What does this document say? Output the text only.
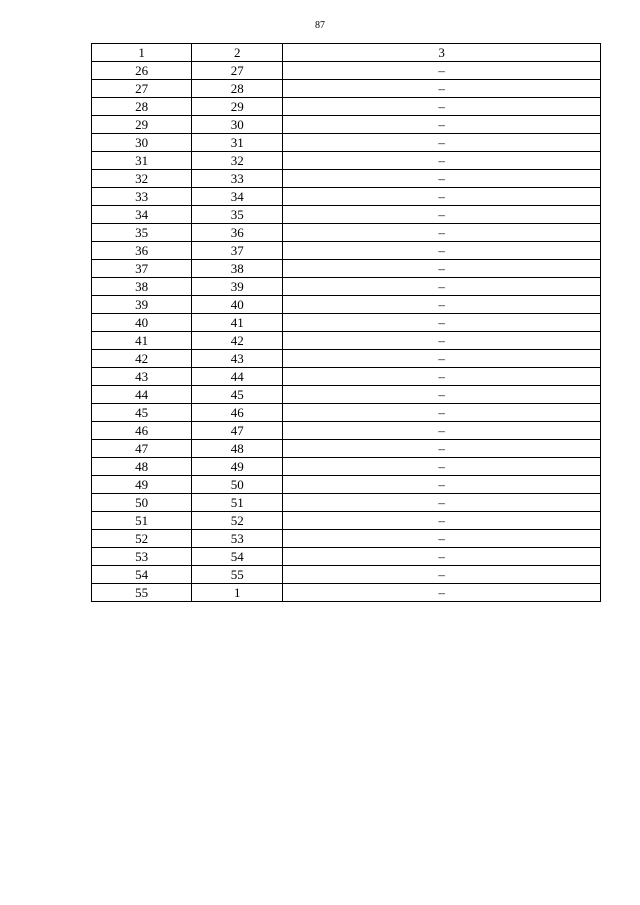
87
1	2	3
26	27	–
27	28	–
28	29	–
29	30	–
30	31	–
31	32	–
32	33	–
33	34	–
34	35	–
35	36	–
36	37	–
37	38	–
38	39	–
39	40	–
40	41	–
41	42	–
42	43	–
43	44	–
44	45	–
45	46	–
46	47	–
47	48	–
48	49	–
49	50	–
50	51	–
51	52	–
52	53	–
53	54	–
54	55	–
55	1	–
